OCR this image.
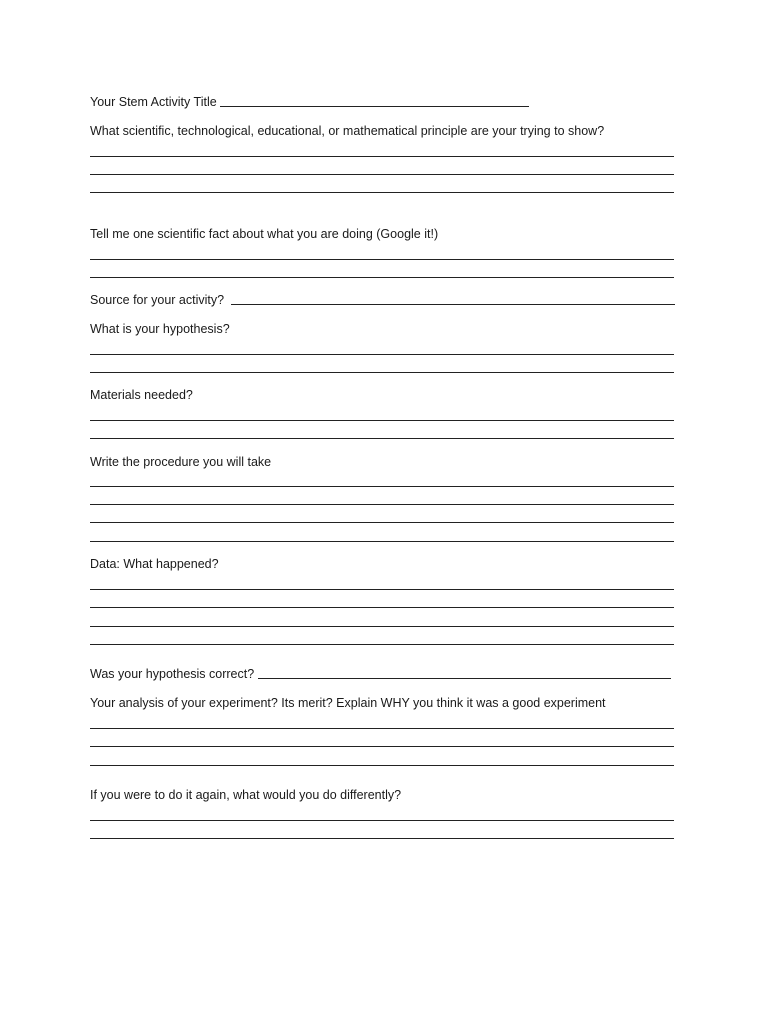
Your Stem Activity Title
What scientific, technological, educational, or mathematical principle are your trying to show?
Tell me one scientific fact about what you are doing (Google it!)
Source for your activity?
What is your hypothesis?
Materials needed?
Write the procedure you will take
Data: What happened?
Was your hypothesis correct?
Your analysis of your experiment? Its merit? Explain WHY you think it was a good experiment
If you were to do it again, what would you do differently?
